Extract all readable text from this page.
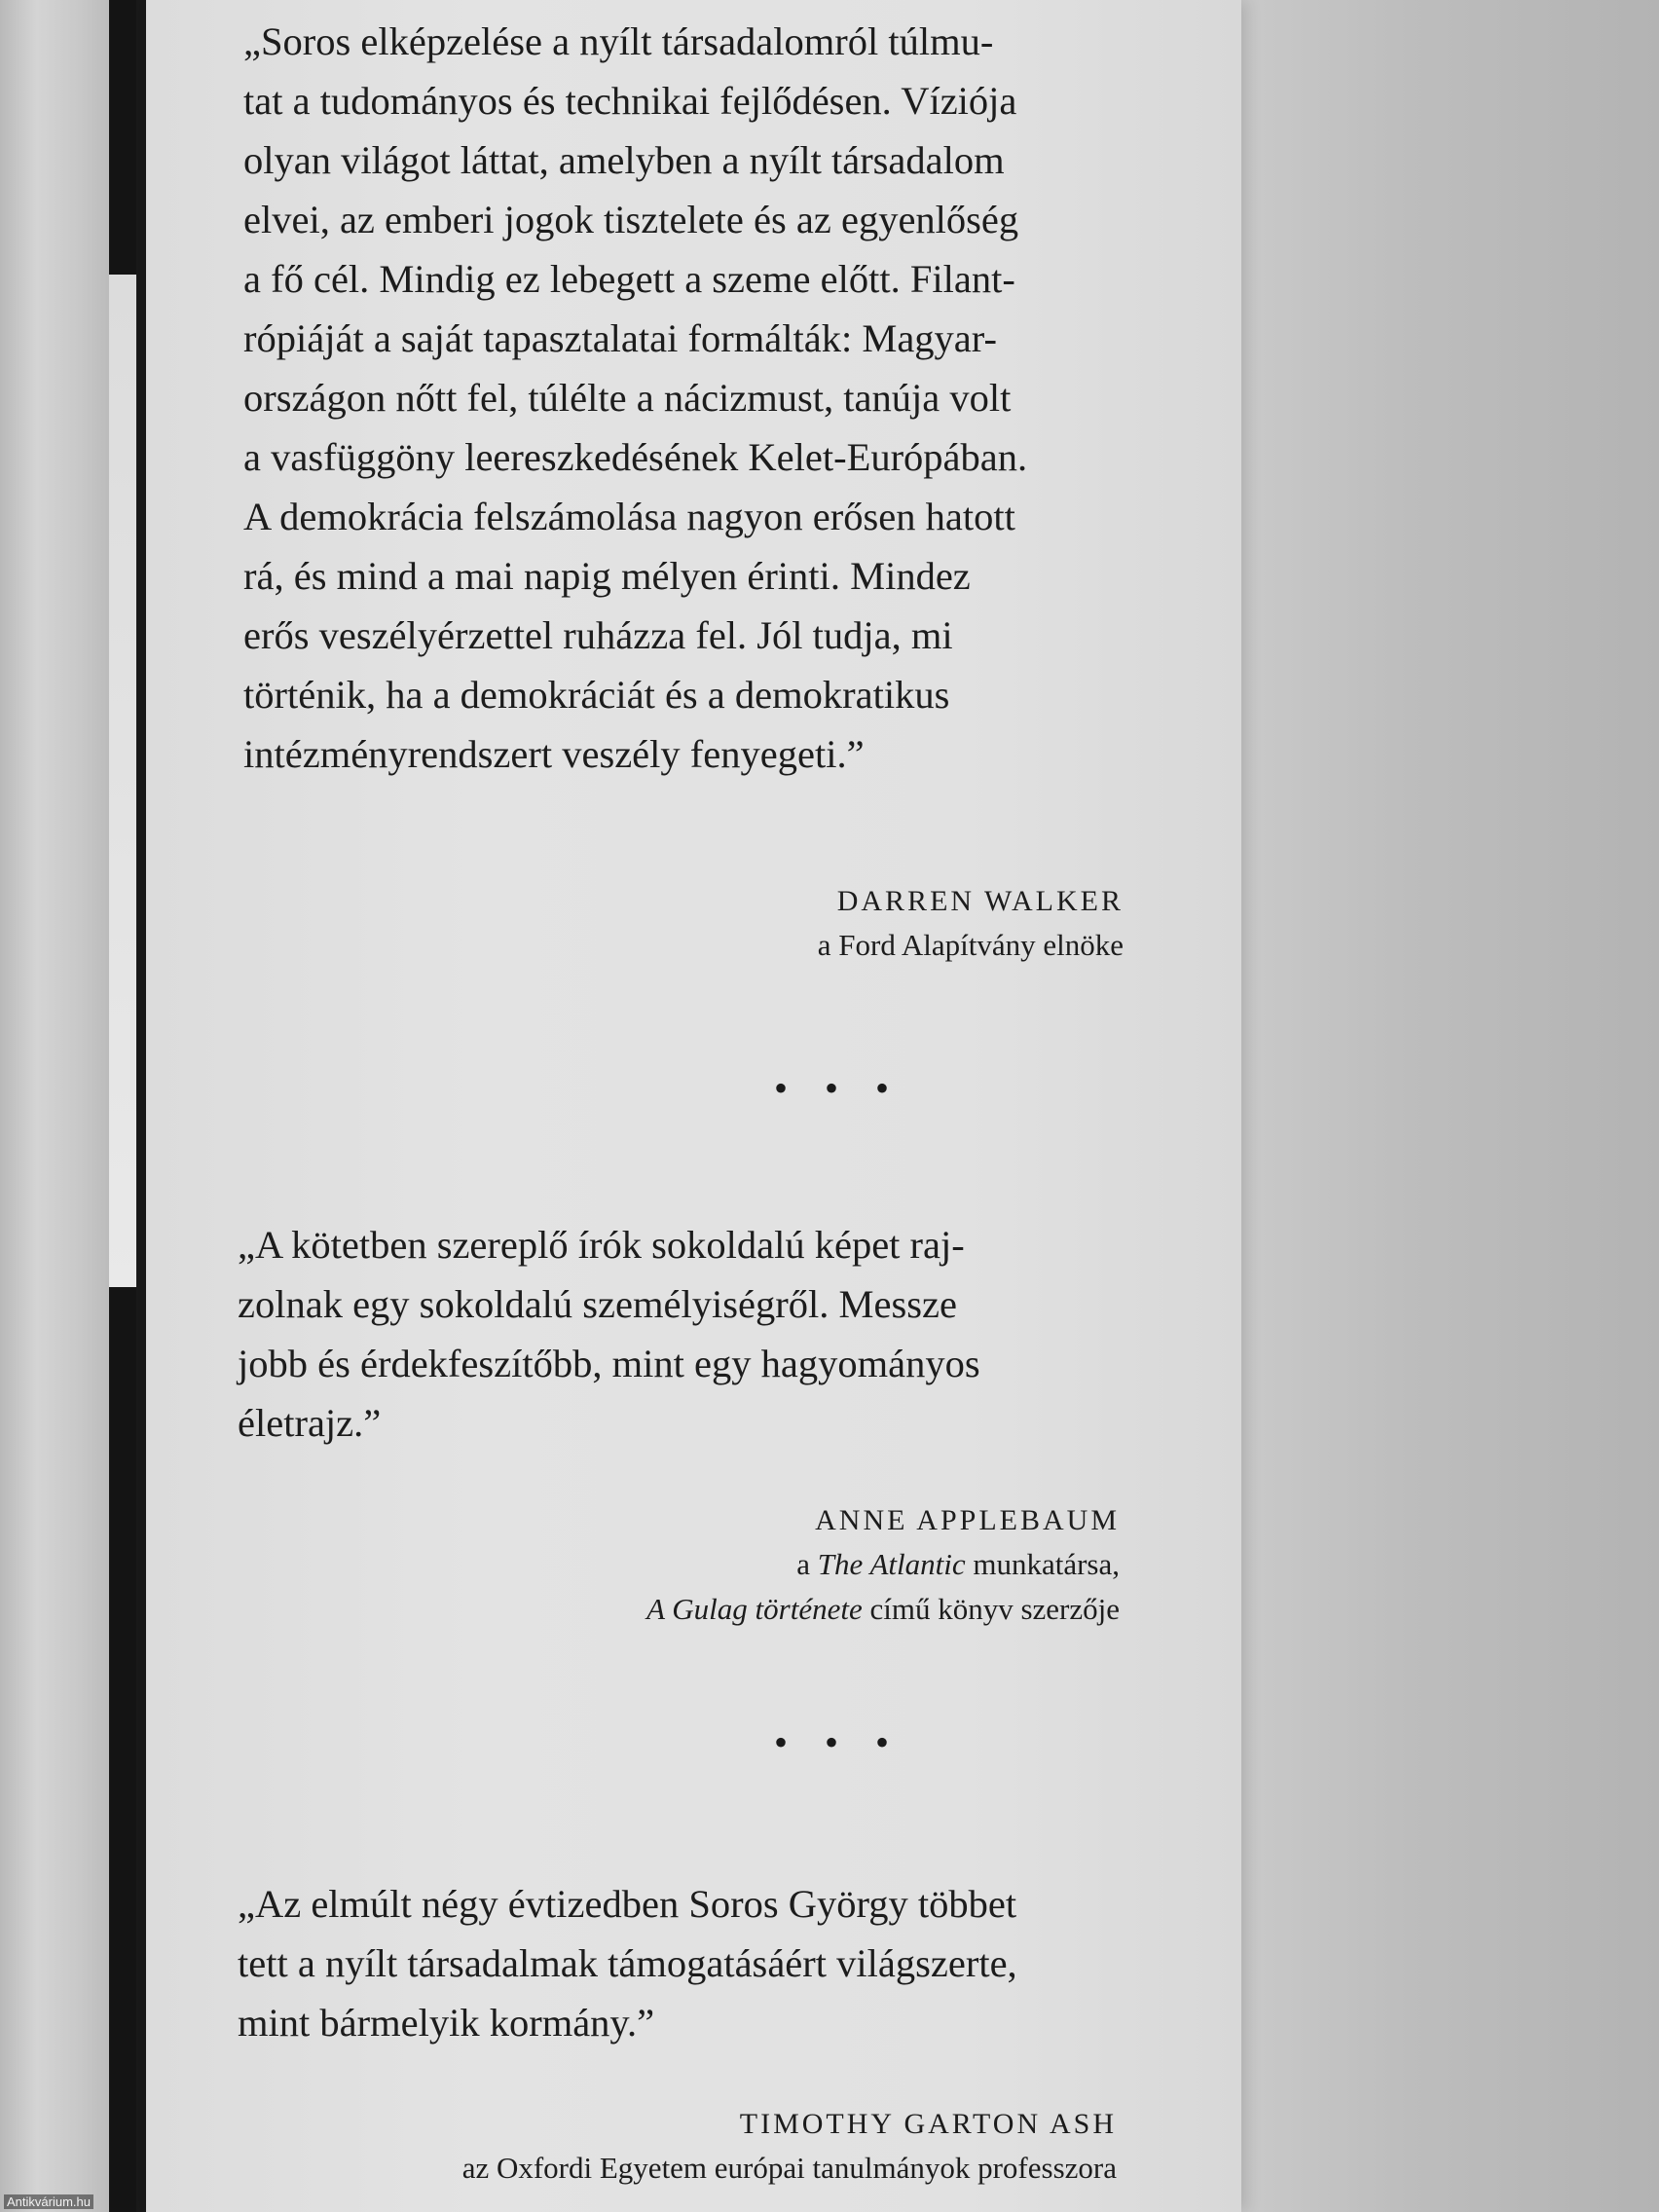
„Soros elképzelése a nyílt társadalomról túlmu-
tat a tudományos és technikai fejlődésen. Víziója
olyan világot láttat, amelyben a nyílt társadalom
elvei, az emberi jogok tisztelete és az egyenlőség
a fő cél. Mindig ez lebegett a szeme előtt. Filant-
rópiáját a saját tapasztalatai formálták: Magyar-
országon nőtt fel, túlélte a nácizmust, tanúja volt
a vasfüggöny leereszkedésének Kelet-Európában.
A demokrácia felszámolása nagyon erősen hatott
rá, és mind a mai napig mélyen érinti. Mindez
erős veszélyérzettel ruházza fel. Jól tudja, mi
történik, ha a demokráciát és a demokratikus
intézményrendszert veszély fenyegeti.”

DARREN WALKER
a Ford Alapítvány elnöke
• • •

„A kötetben szereplő írók sokoldalú képet raj-
zolnak egy sokoldalú személyiségről. Messze
jobb és érdekfeszítőbb, mint egy hagyományos
életrajz.”

ANNE APPLEBAUM
a The Atlantic munkatársa,
A Gulag története című könyv szerzője
• • •

„Az elmúlt négy évtizedben Soros György többet
tett a nyílt társadalmak támogatásáért világszerte,
mint bármelyik kormány.”

TIMOTHY GARTON ASH
az Oxfordi Egyetem európai tanulmányok professzora
Antikvárium.hu
